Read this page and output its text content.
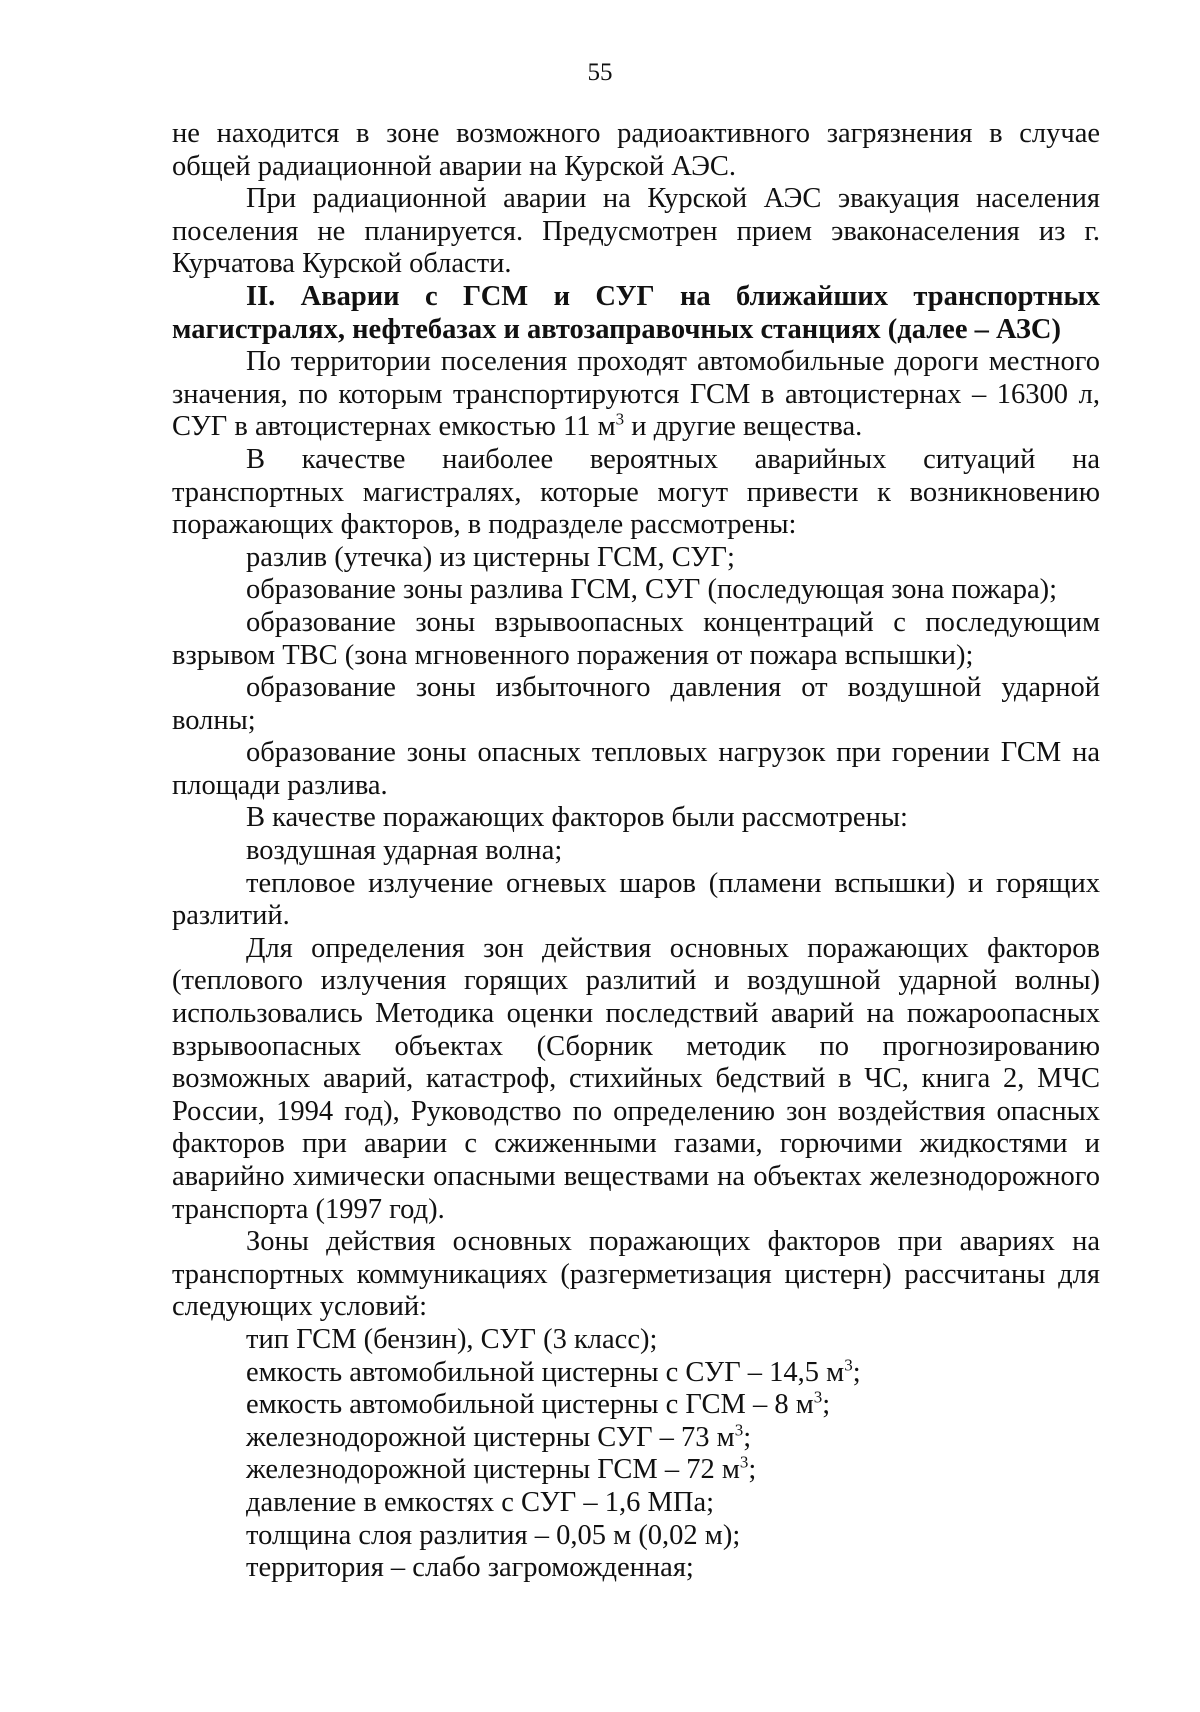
55

не находится в зоне возможного радиоактивного загрязнения в случае общей радиационной аварии на Курской АЭС.

При радиационной аварии на Курской АЭС эвакуация населения поселения не планируется. Предусмотрен прием эваконаселения из г. Курчатова Курской области.

II. Аварии с ГСМ и СУГ на ближайших транспортных магистралях, нефтебазах и автозаправочных станциях (далее – АЗС)

По территории поселения проходят автомобильные дороги местного значения, по которым транспортируются ГСМ в автоцистернах – 16300 л, СУГ в автоцистернах емкостью 11 $м^3$ и другие вещества.

В качестве наиболее вероятных аварийных ситуаций на транспортных магистралях, которые могут привести к возникновению поражающих факторов, в подразделе рассмотрены:

разлив (утечка) из цистерны ГСМ, СУГ;

образование зоны разлива ГСМ, СУГ (последующая зона пожара);

образование зоны взрывоопасных концентраций с последующим взрывом ТВС (зона мгновенного поражения от пожара вспышки);

образование зоны избыточного давления от воздушной ударной волны;

образование зоны опасных тепловых нагрузок при горении ГСМ на площади разлива.

В качестве поражающих факторов были рассмотрены:

воздушная ударная волна;

тепловое излучение огневых шаров (пламени вспышки) и горящих разлитий.

Для определения зон действия основных поражающих факторов (теплового излучения горящих разлитий и воздушной ударной волны) использовались Методика оценки последствий аварий на пожароопасных взрывоопасных объектах (Сборник методик по прогнозированию возможных аварий, катастроф, стихийных бедствий в ЧС, книга 2, МЧС России, 1994 год), Руководство по определению зон воздействия опасных факторов при аварии с сжиженными газами, горючими жидкостями и аварийно химически опасными веществами на объектах железнодорожного транспорта (1997 год).

Зоны действия основных поражающих факторов при авариях на транспортных коммуникациях (разгерметизация цистерн) рассчитаны для следующих условий:

тип ГСМ (бензин), СУГ (3 класс);

емкость автомобильной цистерны с СУГ – 14,5 $м^3$;

емкость автомобильной цистерны с ГСМ – 8 $м^3$;

железнодорожной цистерны СУГ – 73 $м^3$;

железнодорожной цистерны ГСМ – 72 $м^3$;

давление в емкостях с СУГ – 1,6 МПа;

толщина слоя разлития – 0,05 м (0,02 м);

территория – слабо загроможденная;
